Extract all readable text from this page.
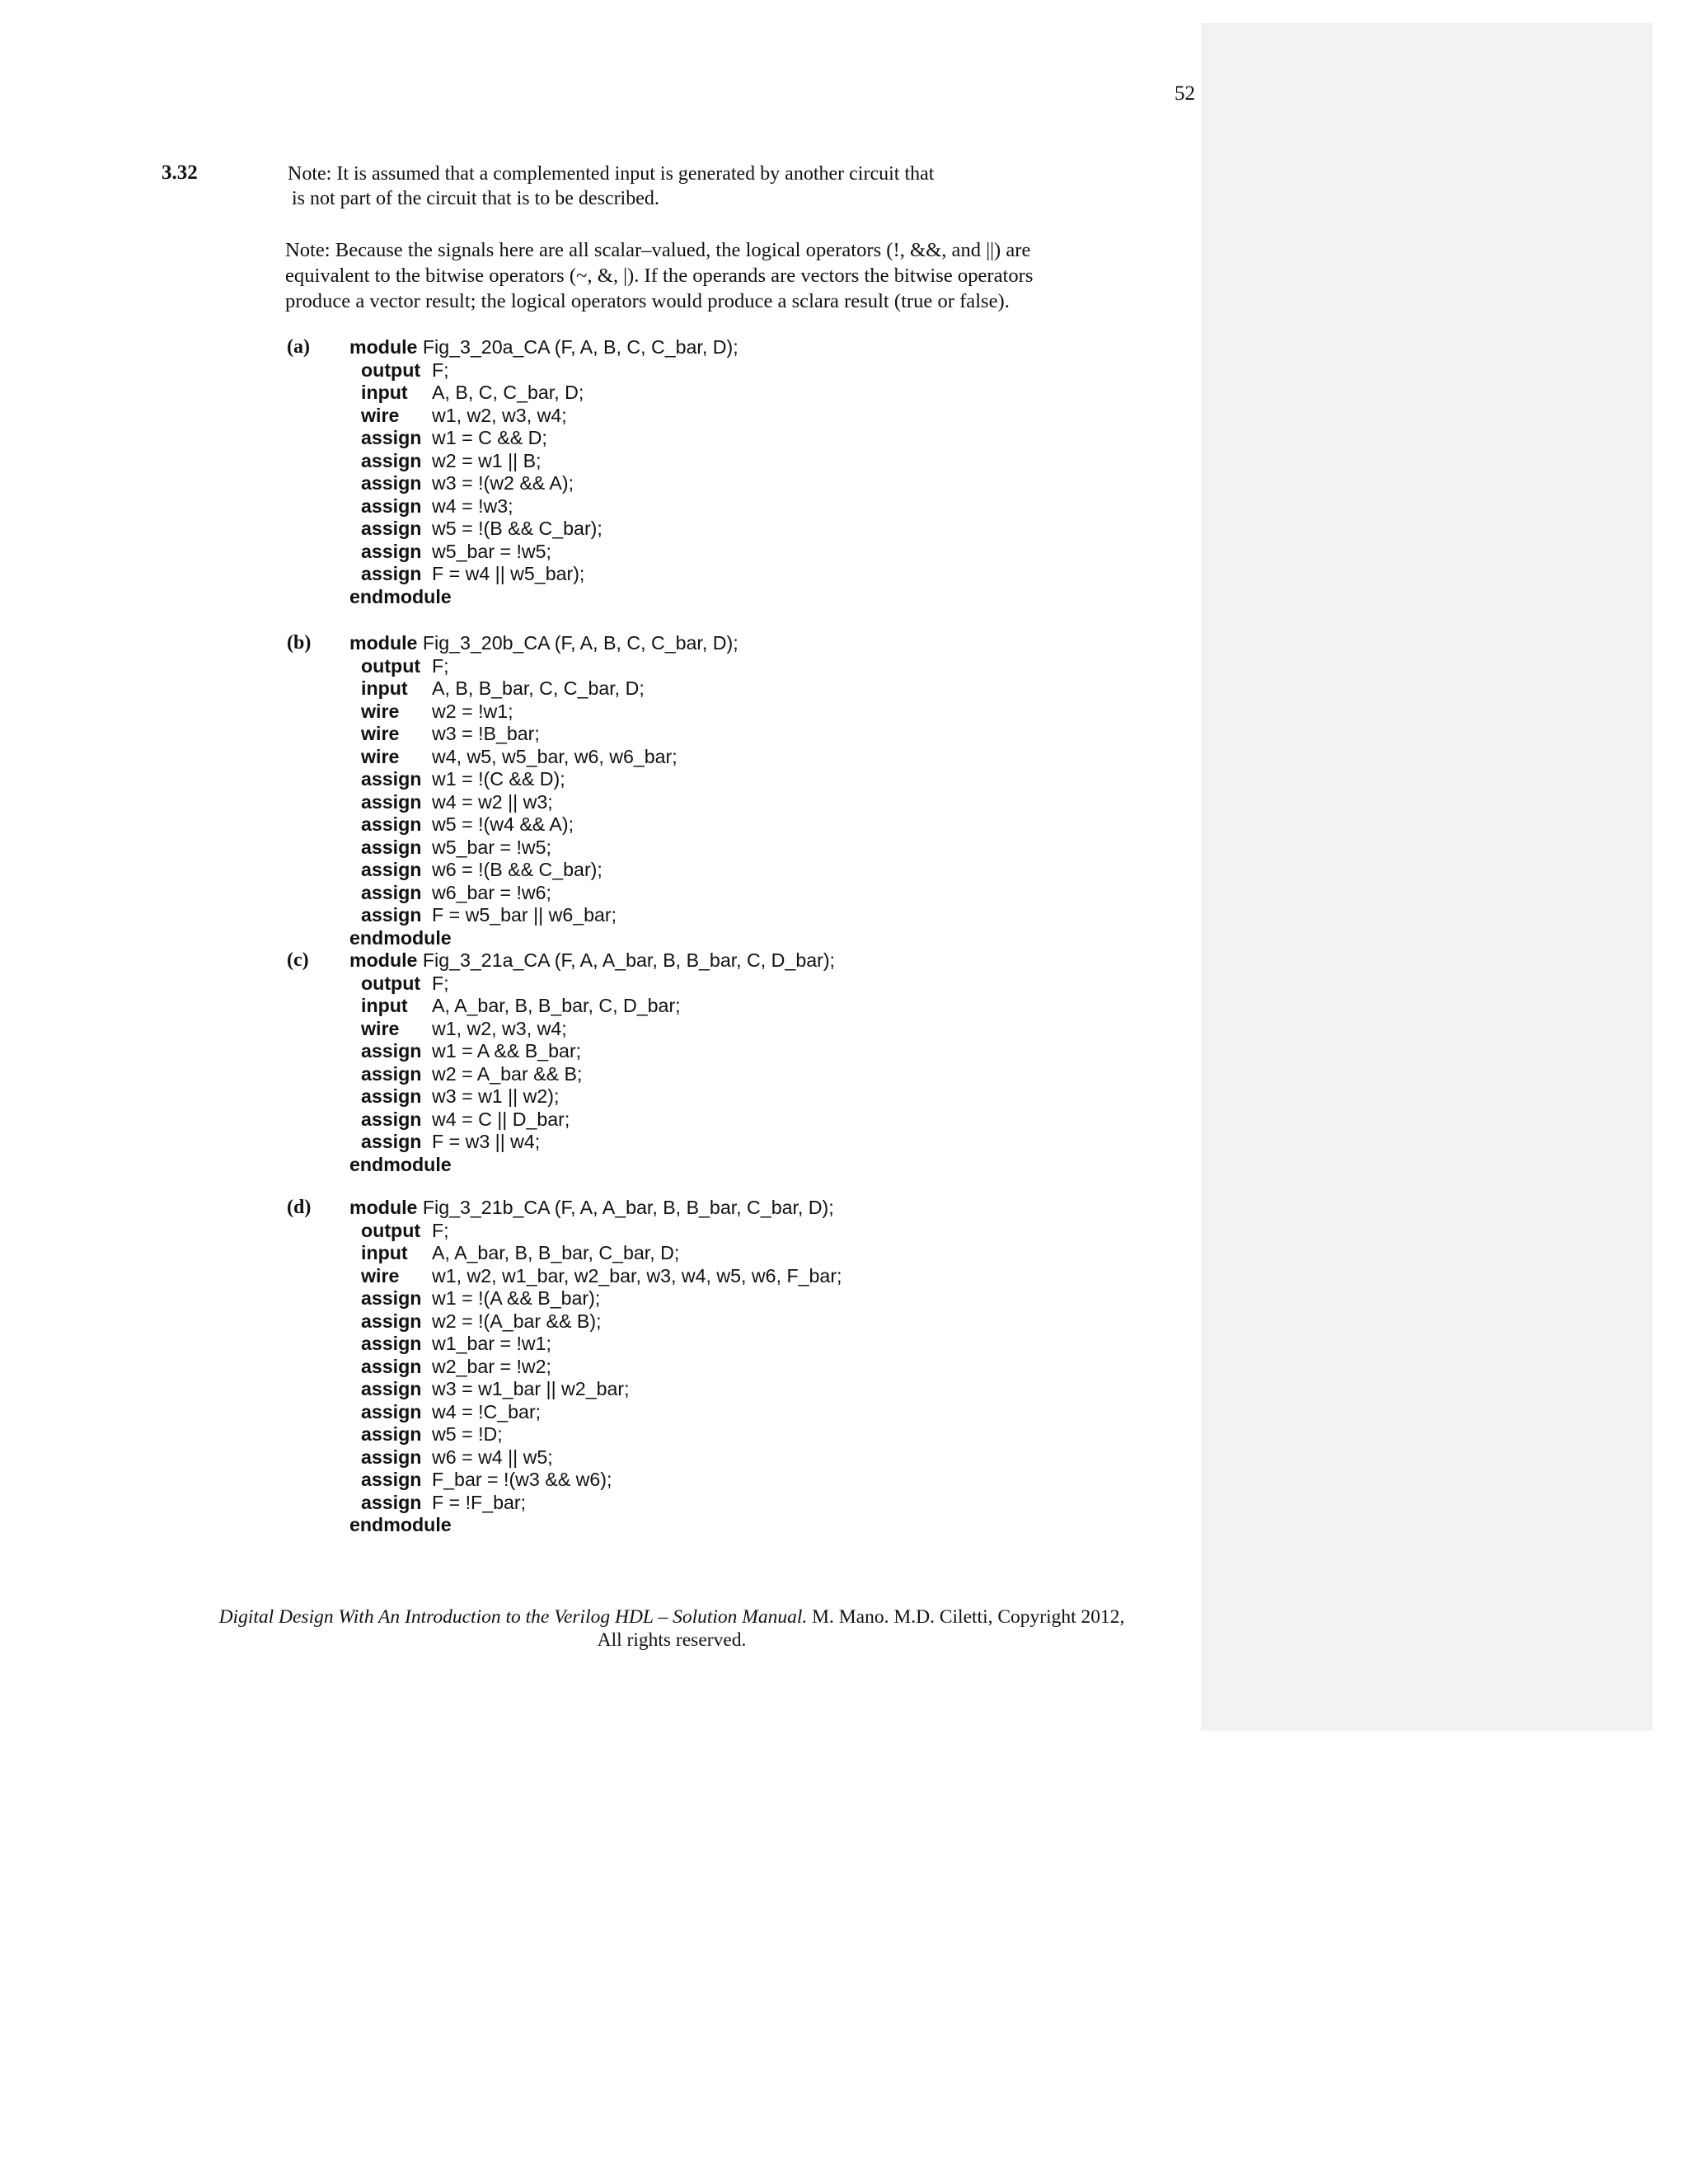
52
3.32	Note: It is assumed that a complemented input is generated by another circuit that
is not part of the circuit that is to be described.
Note: Because the signals here are all scalar–valued, the logical operators (!, &&, and ||) are
equivalent to the bitwise operators (~, &, |). If the operands are vectors the bitwise operators
produce a vector result; the logical operators would produce a sclara result (true or false).
(a) module Fig_3_20a_CA (F, A, B, C, C_bar, D);
output F;
input A, B, C, C_bar, D;
wire w1, w2, w3, w4;
assign w1 = C && D;
assign w2 = w1 || B;
assign w3 = !(w2 && A);
assign w4 = !w3;
assign w5 = !(B && C_bar);
assign w5_bar = !w5;
assign F = w4 || w5_bar);
endmodule
(b) module Fig_3_20b_CA (F, A, B, C, C_bar, D);
output F;
input A, B, B_bar, C, C_bar, D;
wire w2 = !w1;
wire w3 = !B_bar;
wire w4, w5, w5_bar, w6, w6_bar;
assign w1 = !(C && D);
assign w4 = w2 || w3;
assign w5 = !(w4 && A);
assign w5_bar = !w5;
assign w6 = !(B && C_bar);
assign w6_bar = !w6;
assign F = w5_bar || w6_bar;
endmodule
(c) module Fig_3_21a_CA (F, A, A_bar, B, B_bar, C, D_bar);
output F;
input A, A_bar, B, B_bar, C, D_bar;
wire w1, w2, w3, w4;
assign w1 = A && B_bar;
assign w2 = A_bar && B;
assign w3 = w1 || w2);
assign w4 = C || D_bar;
assign F = w3 || w4;
endmodule
(d) module Fig_3_21b_CA (F, A, A_bar, B, B_bar, C_bar, D);
output F;
input A, A_bar, B, B_bar, C_bar, D;
wire w1, w2, w1_bar, w2_bar, w3, w4, w5, w6, F_bar;
assign w1 = !(A && B_bar);
assign w2 = !(A_bar && B);
assign w1_bar = !w1;
assign w2_bar = !w2;
assign w3 = w1_bar || w2_bar;
assign w4 = !C_bar;
assign w5 = !D;
assign w6 = w4 || w5;
assign F_bar = !(w3 && w6);
assign F = !F_bar;
endmodule
Digital Design With An Introduction to the Verilog HDL – Solution Manual. M. Mano. M.D. Ciletti, Copyright 2012,
All rights reserved.
